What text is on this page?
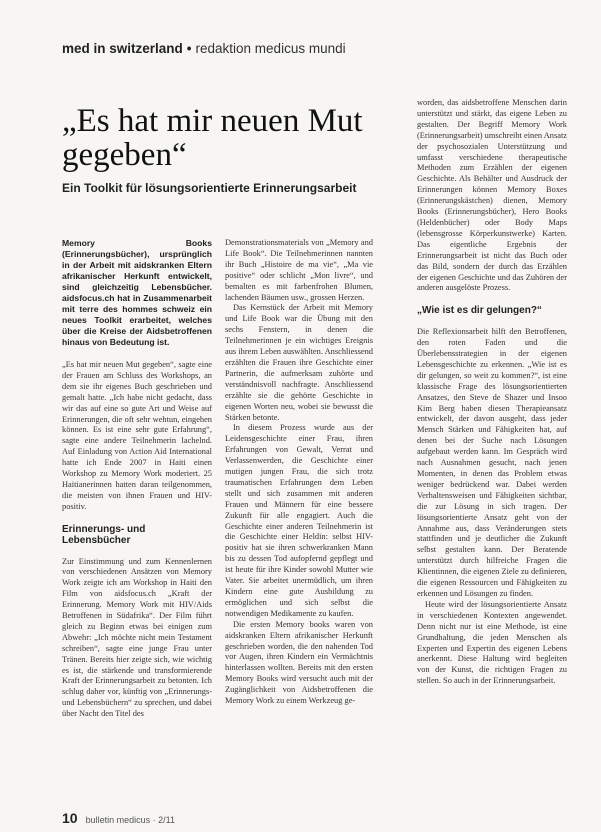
med in switzerland • redaktion medicus mundi
„Es hat mir neuen Mut gegeben“
Ein Toolkit für lösungsorientierte Erinnerungsarbeit

Memory Books (Erinnerungsbücher), ursprünglich in der Arbeit mit aidskranken Eltern afrikanischer Herkunft entwickelt, sind gleichzeitig Lebensbücher. aidsfocus.ch hat in Zusammenarbeit mit terre des hommes schweiz ein neues Toolkit erarbeitet, welches über die Kreise der Aidsbetroffenen hinaus von Bedeutung ist.

„Es hat mir neuen Mut gegeben“, sagte eine der Frauen am Schluss des Workshops, an dem sie ihr eigenes Buch geschrieben und gemalt hatte. „Ich habe nicht gedacht, dass wir das auf eine so gute Art und Weise auf Erinnerungen, die oft sehr wehtun, eingehen können. Es ist eine sehr gute Erfahrung“, sagte eine andere Teilnehmerin lachelnd. Auf Einladung von Action Aid International hatte ich Ende 2007 in Haiti einen Workshop zu Memory Work moderiert. 25 Haitianerinnen hatten daran teilgenommen, die meisten von ihnen Frauen und HIV-positiv.

Erinnerungs- und Lebensbücher

Zur Einstimmung und zum Kennenlernen von verschiedenen Ansätzen von Memory Work zeigte ich am Workshop in Haiti den Film von aidsfocus.ch „Kraft der Erinnerung. Memory Work mit HIV/Aids Betroffenen in Südafrika“. Der Film führt gleich zu Beginn etwas bei einigen zum Abwehr: „Ich möchte nicht mein Testament schreiben“, sagte eine junge Frau unter Tränen. Bereits hier zeigte sich, wie wichtig es ist, die stärkende und transformierende Kraft der Erinnerungsarbeit zu betonten. Ich schlug daher vor, künftig von „Erinnerungs- und Lebensbüchern“ zu sprechen, und dabei über Nacht den Titel des

Demonstrationsmaterials von „Memory and Life Book“. Die Teilnehmerinnen nannten ihr Buch „Histoire de ma vie“, „Ma vie positive“ oder schlicht „Mon livre“, und bemalten es mit farbenfrohen Blumen, lachenden Bäumen usw., grossen Herzen.

Das Kernstück der Arbeit mit Memory und Life Book war die Übung mit den sechs Fenstern, in denen die Teilnehmerinnen je ein wichtiges Ereignis aus ihrem Leben auswählten. Anschliessend erzählten die Frauen ihre Geschichte einer Partnerin, die aufmerksam zuhörte und verständnisvoll nachfragte. Anschliessend erzählte sie die gehörte Geschichte in eigenen Worten neu, wobei sie bewusst die Stärken betonte.

In diesem Prozess wurde aus der Leidensgeschichte einer Frau, ihren Erfahrungen von Gewalt, Verrat und Verlassenwerden, die Geschichte einer mutigen jungen Frau, die sich trotz traumatischen Erfahrungen dem Leben stellt und sich zusammen mit anderen Frauen und Männern für eine bessere Zukunft für alle engagiert. Auch die Geschichte einer anderen Teilnehmerin ist die Geschichte einer Heldin: selbst HIV-positiv hat sie ihren schwerkranken Mann bis zu dessen Tod aufopfernd gepflegt und ist heute für ihre Kinder sowohl Mutter wie Vater. Sie arbeitet unermüdlich, um ihren Kindern eine gute Ausbildung zu ermöglichen und sich selbst die notwendigen Medikamente zu kaufen.

Die ersten Memory books waren von aidskranken Eltern afrikanischer Herkunft geschrieben worden, die den nahenden Tod vor Augen, ihren Kindern ein Vermächtnis hinterlassen wollten. Bereits mit den ersten Memory Books wird versucht auch mit der Zugänglichkeit von Aidsbetroffenen die Memory Work zu einem Werkzeug ge-

worden, das aidsbetroffene Menschen darin unterstützt und stärkt, das eigene Leben zu gestalten. Der Begriff Memory Work (Erinnerungsarbeit) umschreibt einen Ansatz der psychosozialen Unterstützung und umfasst verschiedene therapeutische Methoden zum Erzählen der eigenen Geschichte. Als Behälter und Ausdruck der Erinnerungen können Memory Boxes (Erinnerungskästchen) dienen, Memory Books (Erinnerungsbücher), Hero Books (Heldenbücher) oder Body Maps (lebensgrosse Körperkunstwerke) Karten. Das eigentliche Ergebnis der Erinnerungsarbeit ist nicht das Buch oder das Bild, sondern der durch das Erzählen der eigenen Geschichte und das Zuhören der anderen ausgelöste Prozess.

„Wie ist es dir gelungen?“

Die Reflexionsarbeit hilft den Betroffenen, den roten Faden und die Überlebensstrategien in der eigenen Lebensgeschichte zu erkennen. „Wie ist es dir gelungen, so weit zu kommen?“, ist eine klassische Frage des lösungsorientierten Ansatzes, den Steve de Shazer und Insoo Kim Berg haben diesen Therapieansatz entwickelt, der davon ausgeht, dass jeder Mensch Stärken und Fähigkeiten hat, auf denen bei der Suche nach Lösungen aufgebaut werden kann. Im Gespräch wird nach Ausnahmen gesucht, nach jenen Momenten, in denen das Problem etwas weniger bedrückend war. Dabei werden Verhaltensweisen und Fähigkeiten sichtbar, die zur Lösung in sich tragen. Der lösungsorientierte Ansatz geht von der Annahme aus, dass Veränderungen stets stattfinden und je deutlicher die Zukunft selbst gestalten kann. Der Beratende unterstützt durch hilfreiche Fragen die Klientinnen, die eigenen Ziele zu definieren, die eigenen Ressourcen und Fähigkeiten zu erkennen und Lösungen zu finden.

Heute wird der lösungsorientierte Ansatz in verschiedenen Kontexten angewendet. Denn nicht nur ist eine Methode, ist eine Grundhaltung, die jeden Menschen als Experten und Expertin des eigenen Lebens anerkennt. Diese Haltung wird begleiten von der Kunst, die richtigen Fragen zu stellen. So auch in der Erinnerungsarbeit.

10 bulletin medicus · 2/11
